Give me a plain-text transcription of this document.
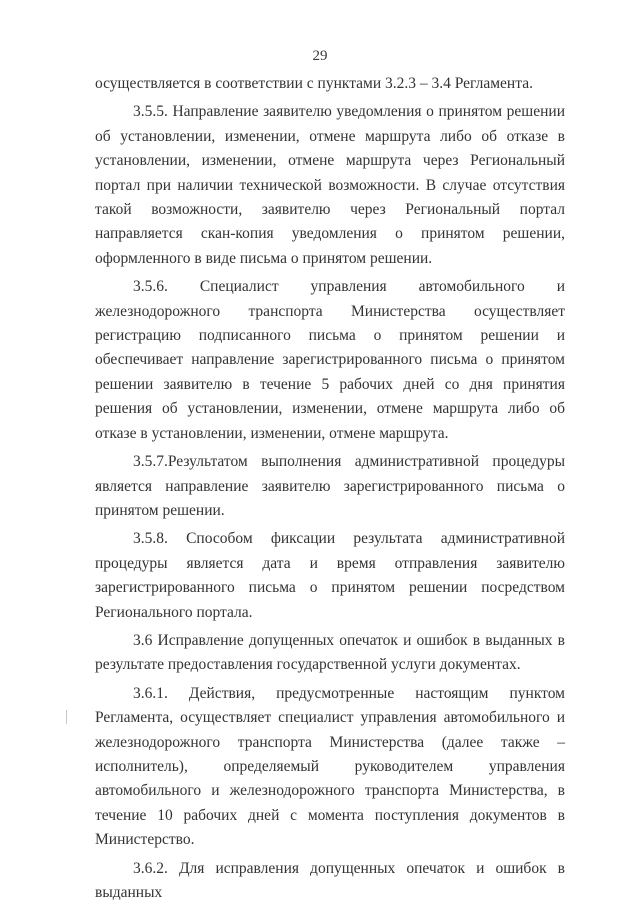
29

осуществляется в соответствии с пунктами 3.2.3 – 3.4 Регламента.

3.5.5. Направление заявителю уведомления о принятом решении об установлении, изменении, отмене маршрута либо об отказе в установлении, изменении, отмене маршрута через Региональный портал при наличии технической возможности. В случае отсутствия такой возможности, заявителю через Региональный портал направляется скан-копия уведомления о принятом решении, оформленного в виде письма о принятом решении.

3.5.6. Специалист управления автомобильного и железнодорожного транспорта Министерства осуществляет регистрацию подписанного письма о принятом решении и обеспечивает направление зарегистрированного письма о принятом решении заявителю в течение 5 рабочих дней со дня принятия решения об установлении, изменении, отмене маршрута либо об отказе в установлении, изменении, отмене маршрута.

3.5.7.Результатом выполнения административной процедуры является направление заявителю зарегистрированного письма о принятом решении.

3.5.8. Способом фиксации результата административной процедуры является дата и время отправления заявителю зарегистрированного письма о принятом решении посредством Регионального портала.

3.6 Исправление допущенных опечаток и ошибок в выданных в результате предоставления государственной услуги документах.

3.6.1. Действия, предусмотренные настоящим пунктом Регламента, осуществляет специалист управления автомобильного и железнодорожного транспорта Министерства (далее также – исполнитель), определяемый руководителем управления автомобильного и железнодорожного транспорта Министерства, в течение 10 рабочих дней с момента поступления документов в Министерство.

3.6.2. Для исправления допущенных опечаток и ошибок в выданных
